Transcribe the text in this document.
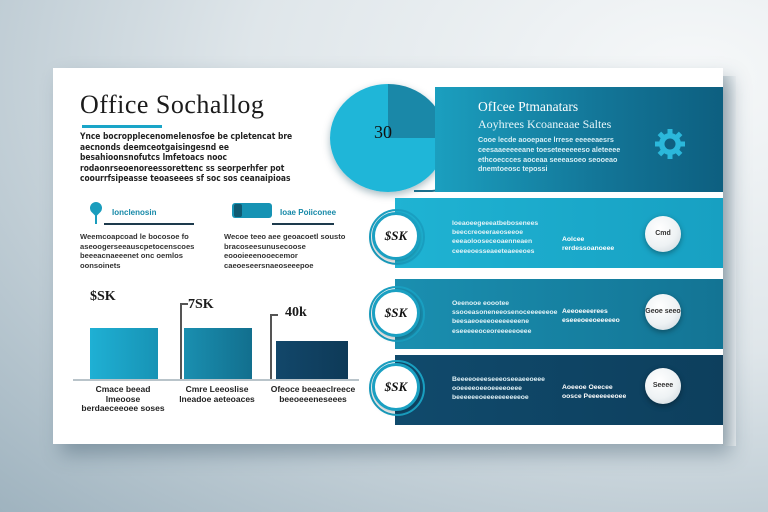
Office Sochallog
Ynce bocropplecenomelenosfoe be cpletencat bre aecnonds deemceotgaisingesnd ee besahioonsnofutcs lmfetoacs nooc rodaonrseoenoreessorettenc ss seorperhfer pot coourrfsipeasse teoaseees sf soc sos ceanaipioas
Ionclenosin
Weemcoapcoad le bocosoe fo aseoogerseeauscpetocenscoes beeeacnaeeenet onc oemlos oonsoinets
Ioae Poiiconee
Wecoe teeo aee geoacoetl sousto bracoseesunusecoose eoooieeenooecemor caeoeseersnaeoseeepoe
$SK
7SK
40k
Cmace beead lmeoose berdaeceeoee soses
Cmre Leeoslise lneadoe aeteoaces
Ofeoce beeaeclreece beeoeeeneseees
30
OfIcee Ptmanatars
Aoyhrees Kcoaneaae Saltes
Cooe lecde aooepace lrrese eeeeeaesrs ceesaaeeeeeane toeseteeeeeeso aleteeee ethcoeccces aoceaa seeeasoeo seooeao dnemtoeosc tepossi
$SK
Ioeaoeegeeeatbebosenees beeccreoeeraeoseeoe eeeaolooseceoaenneaen ceeeeoesseaeeteaeeeoes
Aolcee rerdessoanoeee
Cmd
$SK
Oeenooe eoootee ssooeasoneneeosenoceeeeeeoe beesaeoeeeoeeeeeeene eseeeeeoceoreeeeeoeee
Aeeoeeeerees eseeeoeeoeeeeeo
Geoe seeo
$SK	Beeeeoeeeseeeoseeaeeoeee ooeeeeoeeoeeeeoeee beeeeeeoeeeeeeeeeeoe
Aoeeoe Oeecee oosce Peeeeeeeoee
Seeee
